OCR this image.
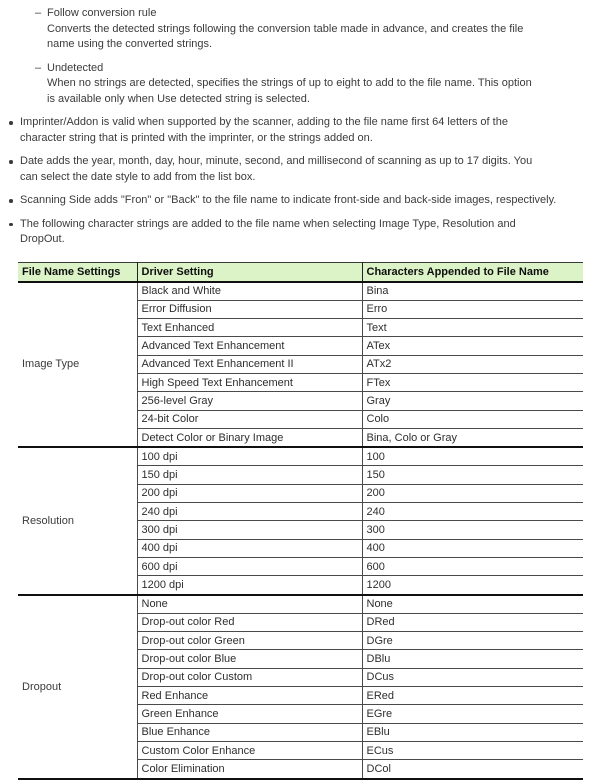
– Follow conversion rule
Converts the detected strings following the conversion table made in advance, and creates the file
name using the converted strings.
– Undetected
When no strings are detected, specifies the strings of up to eight to add to the file name. This option
is available only when Use detected string is selected.
Imprinter/Addon is valid when supported by the scanner, adding to the file name first 64 letters of the
character string that is printed with the imprinter, or the strings added on.
Date adds the year, month, day, hour, minute, second, and millisecond of scanning as up to 17 digits. You
can select the date style to add from the list box.
Scanning Side adds "Fron" or "Back" to the file name to indicate front-side and back-side images, respectively.
The following character strings are added to the file name when selecting Image Type, Resolution and
DropOut.
File Name Settings	Driver Setting	Characters Appended to File Name
Image Type	Black and White	Bina
	Error Diffusion	Erro
	Text Enhanced	Text
	Advanced Text Enhancement	ATex
	Advanced Text Enhancement II	ATx2
	High Speed Text Enhancement	FTex
	256-level Gray	Gray
	24-bit Color	Colo
	Detect Color or Binary Image	Bina, Colo or Gray
Resolution	100 dpi	100
	150 dpi	150
	200 dpi	200
	240 dpi	240
	300 dpi	300
	400 dpi	400
	600 dpi	600
	1200 dpi	1200
Dropout	None	None
	Drop-out color Red	DRed
	Drop-out color Green	DGre
	Drop-out color Blue	DBlu
	Drop-out color Custom	DCus
	Red Enhance	ERed
	Green Enhance	EGre
	Blue Enhance	EBlu
	Custom Color Enhance	ECus
	Color Elimination	DCol
